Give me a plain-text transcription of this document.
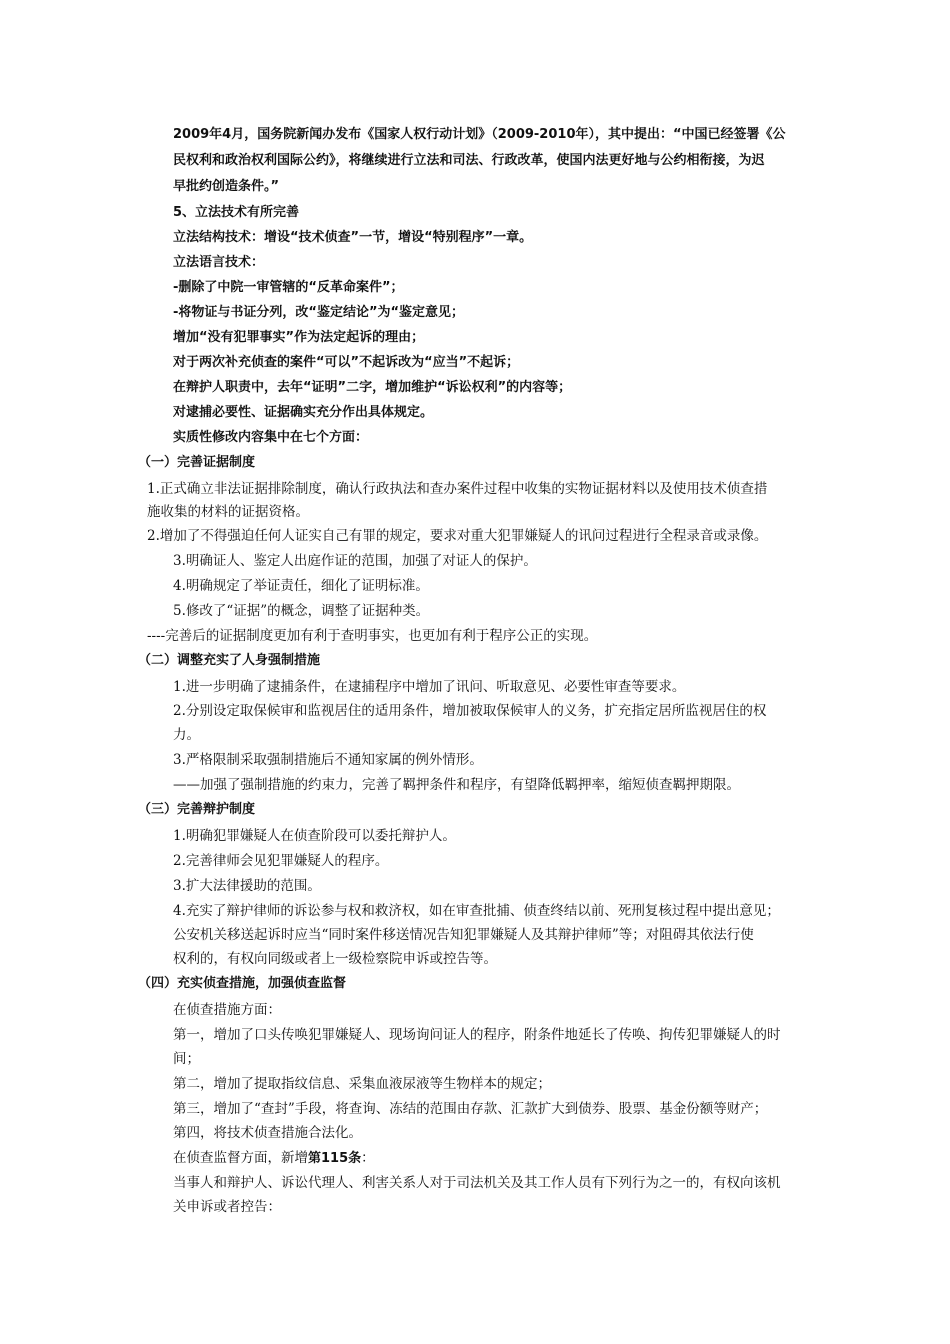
2009年4月，国务院新闻办发布《国家人权行动计划》（2009-2010年），其中提出：“中国已经签署《公
民权利和政治权利国际公约》，将继续进行立法和司法、行政改革，使国内法更好地与公约相衔接，为迟
早批约创造条件。”
5、立法技术有所完善
立法结构技术：增设“技术侦查”一节，增设“特别程序”一章。
立法语言技术：
-删除了中院一审管辖的“反革命案件”；
-将物证与书证分列，改“鉴定结论”为“鉴定意见；
增加“没有犯罪事实”作为法定起诉的理由；
对于两次补充侦查的案件“可以”不起诉改为“应当”不起诉；
在辩护人职责中，去年“证明”二字，增加维护“诉讼权利”的内容等；
对逮捕必要性、证据确实充分作出具体规定。
实质性修改内容集中在七个方面：
（一）完善证据制度
1.正式确立非法证据排除制度，确认行政执法和查办案件过程中收集的实物证据材料以及使用技术侦查措
施收集的材料的证据资格。
2.增加了不得强迫任何人证实自己有罪的规定，要求对重大犯罪嫌疑人的讯问过程进行全程录音或录像。
3.明确证人、鉴定人出庭作证的范围，加强了对证人的保护。
4.明确规定了举证责任，细化了证明标准。
5.修改了“证据”的概念，调整了证据种类。
----完善后的证据制度更加有利于查明事实，也更加有利于程序公正的实现。
（二）调整充实了人身强制措施
1.进一步明确了逮捕条件，在逮捕程序中增加了讯问、听取意见、必要性审查等要求。
2.分别设定取保候审和监视居住的适用条件，增加被取保候审人的义务，扩充指定居所监视居住的权
力。
3.严格限制采取强制措施后不通知家属的例外情形。
——加强了强制措施的约束力，完善了羁押条件和程序，有望降低羁押率，缩短侦查羁押期限。
（三）完善辩护制度
1.明确犯罪嫌疑人在侦查阶段可以委托辩护人。
2.完善律师会见犯罪嫌疑人的程序。
3.扩大法律援助的范围。
4.充实了辩护律师的诉讼参与权和救济权，如在审查批捕、侦查终结以前、死刑复核过程中提出意见；
公安机关移送起诉时应当“同时案件移送情况告知犯罪嫌疑人及其辩护律师”等；对阻碍其依法行使
权利的，有权向同级或者上一级检察院申诉或控告等。
（四）充实侦查措施，加强侦查监督
在侦查措施方面：
第一，增加了口头传唤犯罪嫌疑人、现场询问证人的程序，附条件地延长了传唤、拘传犯罪嫌疑人的时
间；
第二，增加了提取指纹信息、采集血液尿液等生物样本的规定；
第三，增加了“查封”手段，将查询、冻结的范围由存款、汇款扩大到债券、股票、基金份额等财产；
第四，将技术侦查措施合法化。
在侦查监督方面，新增第115条：
当事人和辩护人、诉讼代理人、利害关系人对于司法机关及其工作人员有下列行为之一的，有权向该机
关申诉或者控告：
